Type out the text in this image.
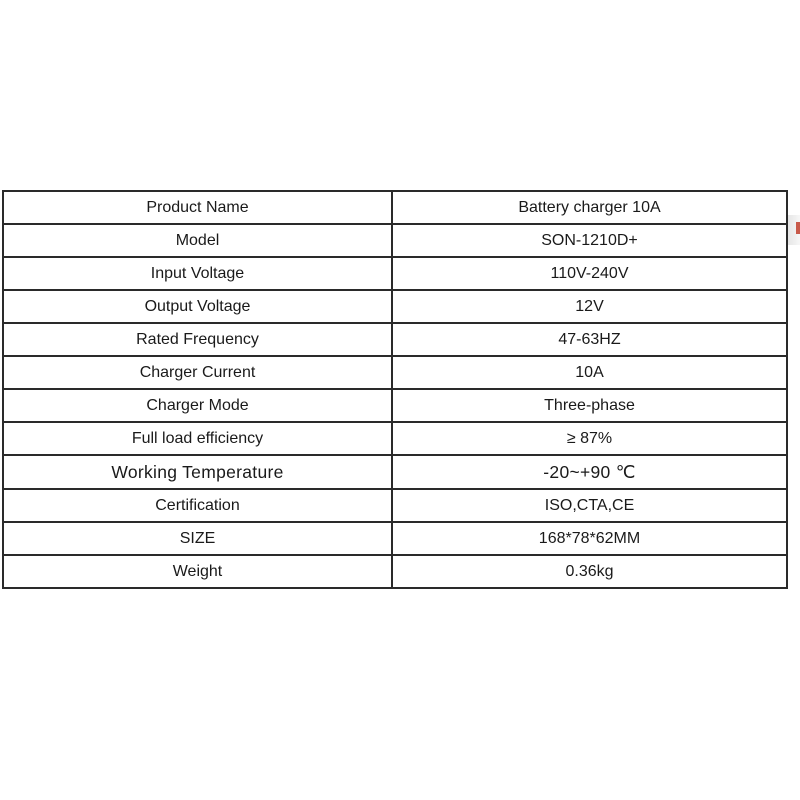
Product Name	Battery charger 10A
Model	SON-1210D+
Input Voltage	110V-240V
Output Voltage	12V
Rated Frequency	47-63HZ
Charger Current	10A
Charger Mode	Three-phase
Full load efficiency	≥ 87%
Working Temperature	-20~+90 ℃
Certification	ISO,CTA,CE
SIZE	168*78*62MM
Weight	0.36kg
